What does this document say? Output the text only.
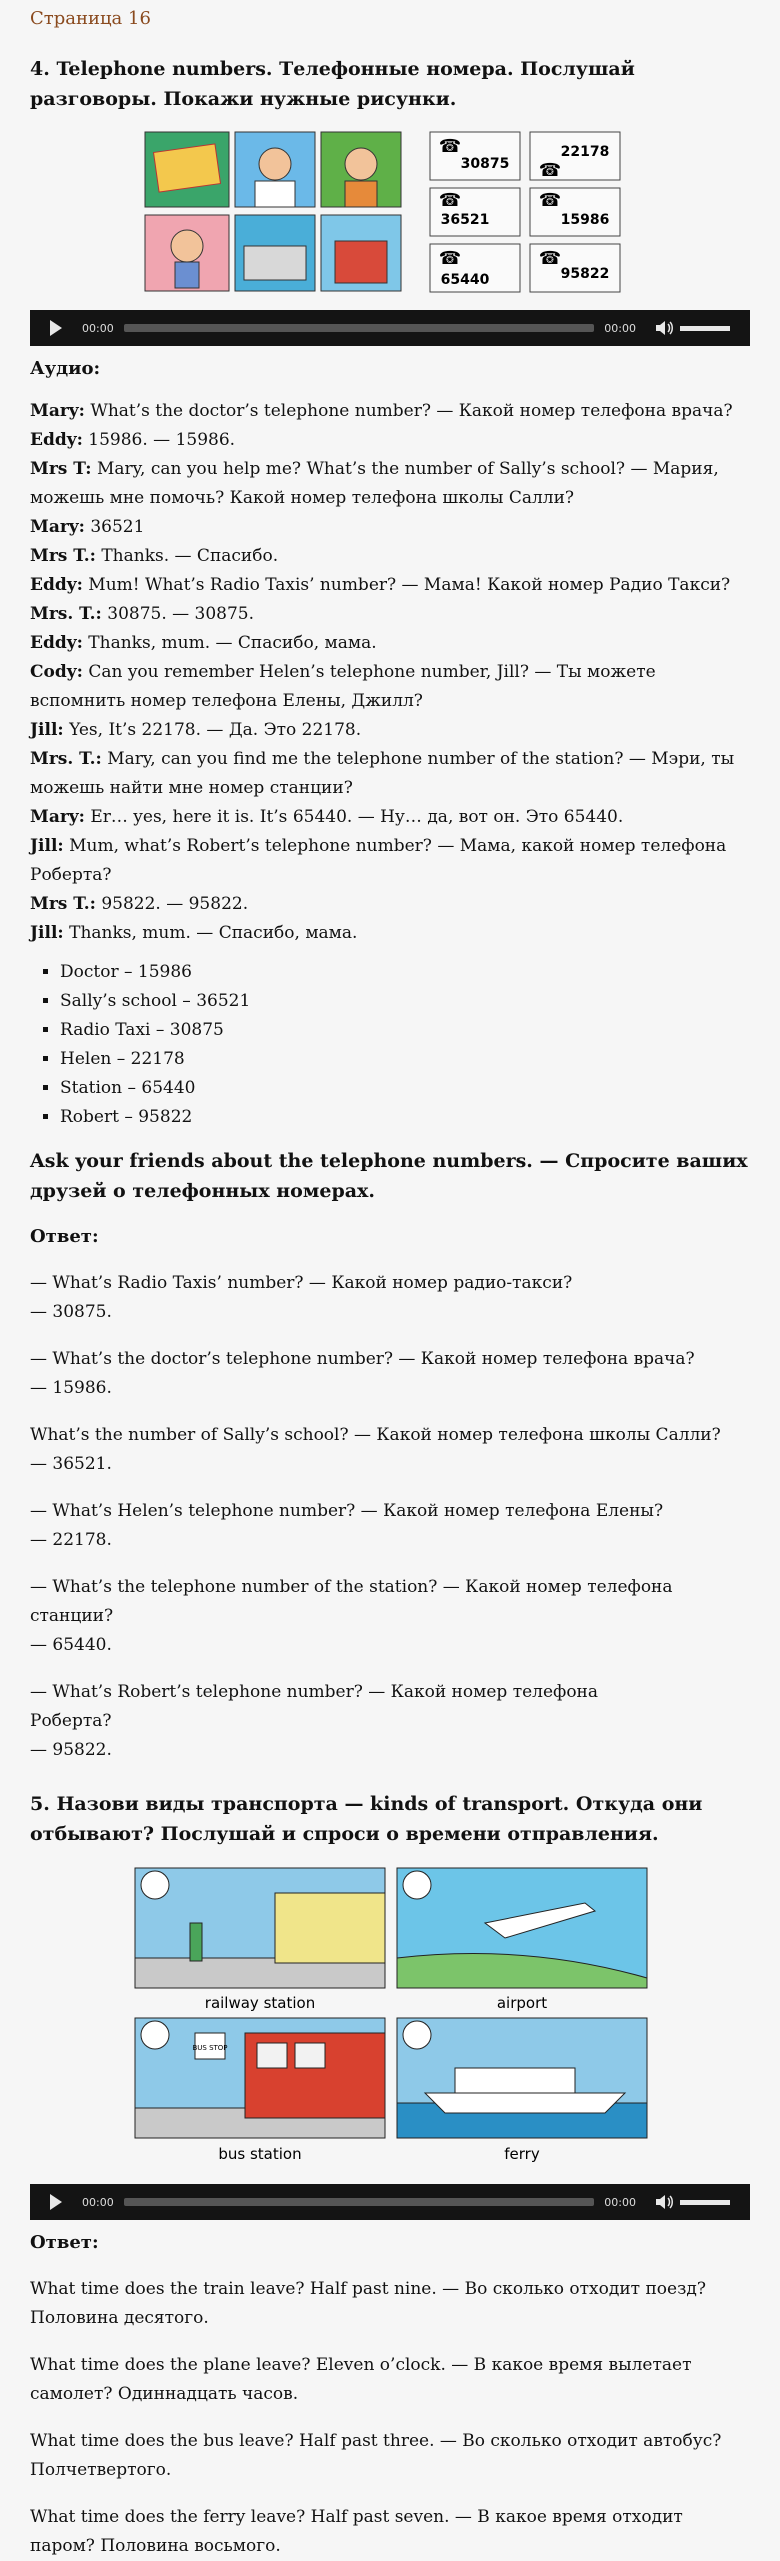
Страница 16
4. Telephone numbers. Телефонные номера. Послушай разговоры. Покажи нужные рисунки.
30875
22178
36521	15986
65440	95822
☎
☎
☎	☎
☎	☎
00:00	00:00
Аудио:

Mary: What’s the doctor’s telephone number? — Какой номер телефона врача?

Eddy: 15986. — 15986.

Mrs T: Mary, can you help me? What’s the number of Sally’s school? — Мария, можешь мне помочь? Какой номер телефона школы Салли?

Mary: 36521

Mrs T.: Thanks. — Спасибо.

Eddy: Mum! What’s Radio Taxis’ number? — Мама! Какой номер Радио Такси?

Mrs. T.: 30875. — 30875.

Eddy: Thanks, mum. — Спасибо, мама.

Cody: Can you remember Helen’s telephone number, Jill? — Ты можете вспомнить номер телефона Елены, Джилл?

Jill: Yes, It’s 22178. — Да. Это 22178.

Mrs. T.: Mary, can you find me the telephone number of the station? — Мэри, ты можешь найти мне номер станции?

Mary: Er… yes, here it is. It’s 65440. — Ну… да, вот он. Это 65440.

Jill: Mum, what’s Robert’s telephone number? — Мама, какой номер телефона Роберта?

Mrs T.: 95822. — 95822.

Jill: Thanks, mum. — Спасибо, мама.

▪ Doctor – 15986
▪ Sally’s school – 36521
▪ Radio Taxi – 30875
▪ Helen – 22178
▪ Station – 65440
▪ Robert – 95822
Ask your friends about the telephone numbers. — Спросите ваших друзей о телефонных номерах.
Ответ:

— What’s Radio Taxis’ number? — Какой номер радио-такси?

— 30875.

— What’s the doctor’s telephone number? — Какой номер телефона врача?

— 15986.

What’s the number of Sally’s school? — Какой номер телефона школы Салли?

— 36521.

— What’s Helen’s telephone number? — Какой номер телефона Елены?

— 22178.

— What’s the telephone number of the station? — Какой номер телефона станции?

— 65440.

— What’s Robert’s telephone number? — Какой номер телефона

Роберта?

— 95822.

5. Назови виды транспорта — kinds of transport. Откуда они отбывают? Послушай и спроси о времени отправления.
railway station	airport
BUS STOP
bus station	ferry
00:00	00:00
Ответ:

What time does the train leave? Half past nine. — Во сколько отходит поезд? Половина десятого.

What time does the plane leave? Eleven o’clock. — В какое время вылетает самолет? Одиннадцать часов.

What time does the bus leave? Half past three. — Во сколько отходит автобус? Полчетвертого.

What time does the ferry leave? Half past seven. — В какое время отходит паром? Половина восьмого.
